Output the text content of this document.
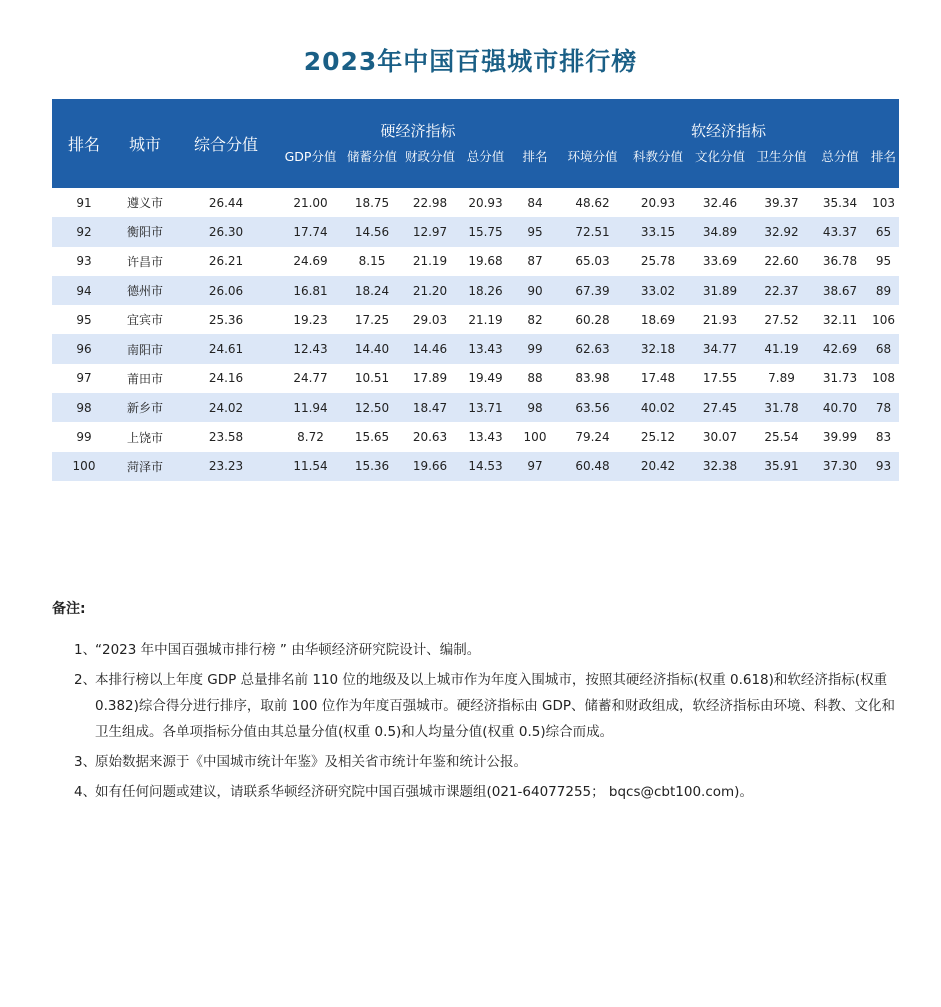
2023年中国百强城市排行榜
排名	城市	综合分值	硬经济指标					软经济指标					
			GDP分值	储蓄分值	财政分值	总分值	排名	环境分值	科教分值	文化分值	卫生分值	总分值	排名
91	遵义市	26.44	21.00	18.75	22.98	20.93	84	48.62	20.93	32.46	39.37	35.34	103
92	衡阳市	26.30	17.74	14.56	12.97	15.75	95	72.51	33.15	34.89	32.92	43.37	65
93	许昌市	26.21	24.69	8.15	21.19	19.68	87	65.03	25.78	33.69	22.60	36.78	95
94	德州市	26.06	16.81	18.24	21.20	18.26	90	67.39	33.02	31.89	22.37	38.67	89
95	宜宾市	25.36	19.23	17.25	29.03	21.19	82	60.28	18.69	21.93	27.52	32.11	106
96	南阳市	24.61	12.43	14.40	14.46	13.43	99	62.63	32.18	34.77	41.19	42.69	68
97	莆田市	24.16	24.77	10.51	17.89	19.49	88	83.98	17.48	17.55	7.89	31.73	108
98	新乡市	24.02	11.94	12.50	18.47	13.71	98	63.56	40.02	27.45	31.78	40.70	78
99	上饶市	23.58	8.72	15.65	20.63	13.43	100	79.24	25.12	30.07	25.54	39.99	83
100	菏泽市	23.23	11.54	15.36	19.66	14.53	97	60.48	20.42	32.38	35.91	37.30	93
备注:
1、
“2023 年中国百强城市排行榜 ” 由华顿经济研究院设计、编制。
2、
本排行榜以上年度 GDP 总量排名前 110 位的地级及以上城市作为年度入围城市，按照其硬经济指标(权重 0.618)和软经济指标(权重 0.382)综合得分进行排序，取前 100 位作为年度百强城市。硬经济指标由 GDP、储蓄和财政组成，软经济指标由环境、科教、文化和卫生组成。各单项指标分值由其总量分值(权重 0.5)和人均量分值(权重 0.5)综合而成。
3、
原始数据来源于《中国城市统计年鉴》及相关省市统计年鉴和统计公报。
4、
如有任何问题或建议，请联系华顿经济研究院中国百强城市课题组(021-64077255； bqcs@cbt100.com)。
